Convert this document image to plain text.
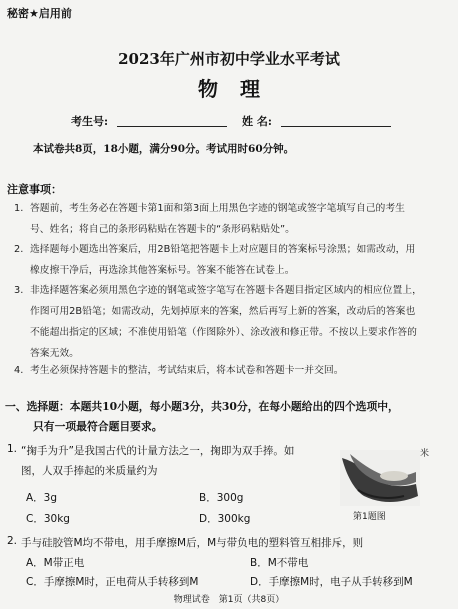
秘密★启用前
2023年广州市初中学业水平考试
物理
考生号:	姓 名:
本试卷共8页，18小题，满分90分。考试用时60分钟。
注意事项：
1. 答题前，考生务必在答题卡第1面和第3面上用黑色字迹的钢笔或签字笔填写自己的考生号、姓名；将自己的条形码粘贴在答题卡的“条形码粘贴处”。
2. 选择题每小题选出答案后，用2B铅笔把答题卡上对应题目的答案标号涂黑；如需改动，用橡皮擦干净后，再选涂其他答案标号。答案不能答在试卷上。
3. 非选择题答案必须用黑色字迹的钢笔或签字笔写在答题卡各题目指定区域内的相应位置上，作图可用2B铅笔；如需改动，先划掉原来的答案，然后再写上新的答案，改动后的答案也不能超出指定的区域；不准使用铅笔（作图除外）、涂改液和修正带。不按以上要求作答的答案无效。
4. 考生必须保持答题卡的整洁，考试结束后，将本试卷和答题卡一并交回。
一、选择题：本题共10小题，每小题3分，共30分，在每小题给出的四个选项中，
只有一项最符合题目要求。
1. “掬手为升”是我国古代的计量方法之一，掬即为双手捧。如
图，人双手捧起的米质量约为
A．3g	B．300g
C．30kg	D．300kg
米
第1题图
2. 手与硅胶管M均不带电，用手摩擦M后，M与带负电的塑料管互相排斥，则
A．M带正电	B．M不带电
C．手摩擦M时，正电荷从手转移到M	D．手摩擦M时，电子从手转移到M
物理试卷　第1页（共8页）
